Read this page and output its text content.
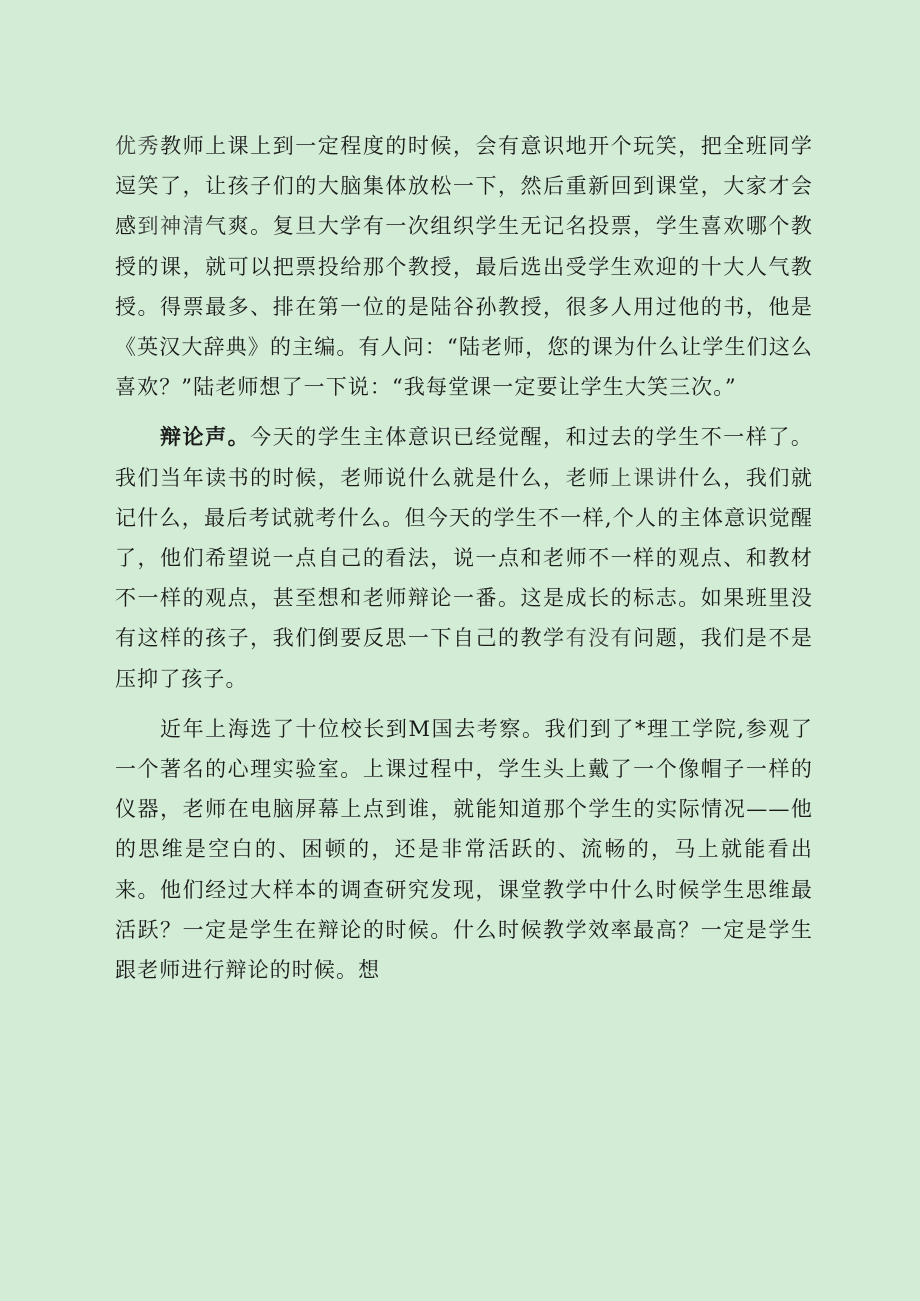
优秀教师上课上到一定程度的时候，会有意识地开个玩笑，把全班同学逗笑了，让孩子们的大脑集体放松一下，然后重新回到课堂，大家才会感到神清气爽。复旦大学有一次组织学生无记名投票，学生喜欢哪个教授的课，就可以把票投给那个教授，最后选出受学生欢迎的十大人气教授。得票最多、排在第一位的是陆谷孙教授，很多人用过他的书，他是《英汉大辞典》的主编。有人问：“陆老师，您的课为什么让学生们这么喜欢？”陆老师想了一下说：“我每堂课一定要让学生大笑三次。”

辩论声。今天的学生主体意识已经觉醒，和过去的学生不一样了。我们当年读书的时候，老师说什么就是什么，老师上课讲什么，我们就记什么，最后考试就考什么。但今天的学生不一样,个人的主体意识觉醒了，他们希望说一点自己的看法，说一点和老师不一样的观点、和教材不一样的观点，甚至想和老师辩论一番。这是成长的标志。如果班里没有这样的孩子，我们倒要反思一下自己的教学有没有问题，我们是不是压抑了孩子。

近年上海选了十位校长到M国去考察。我们到了*理工学院,参观了一个著名的心理实验室。上课过程中，学生头上戴了一个像帽子一样的仪器，老师在电脑屏幕上点到谁，就能知道那个学生的实际情况——他的思维是空白的、困顿的，还是非常活跃的、流畅的，马上就能看出来。他们经过大样本的调查研究发现，课堂教学中什么时候学生思维最活跃？一定是学生在辩论的时候。什么时候教学效率最高？一定是学生跟老师进行辩论的时候。想
